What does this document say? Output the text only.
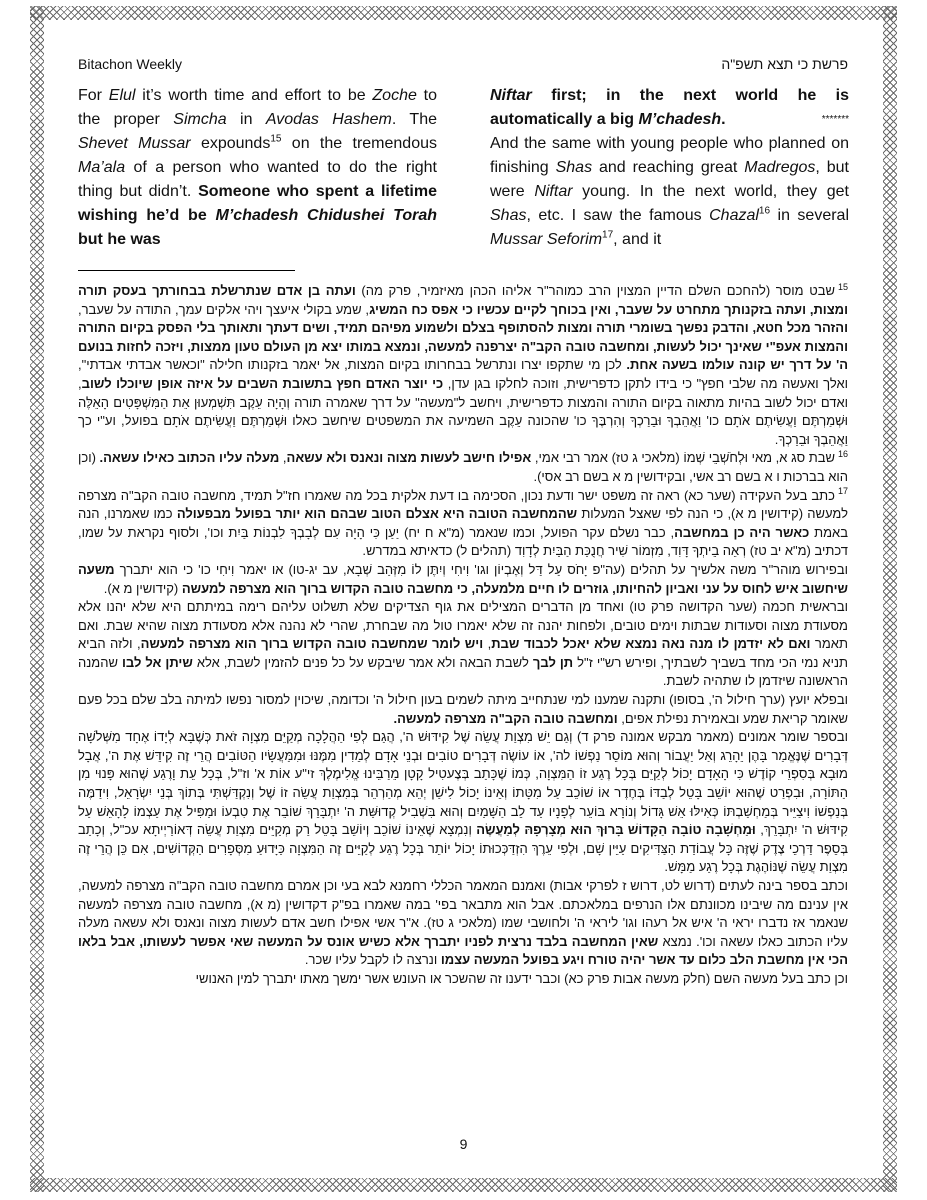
Bitachon Weekly	פרשת כי תצא תשפ"ה
For Elul it’s worth time and effort to be Zoche to the proper Simcha in Avodas Hashem. The Shevet Mussar expounds$^{15}$ on the tremendous Ma’ala of a person who wanted to do the right thing but didn’t. Someone who spent a lifetime wishing he’d be M’chadesh Chidushei Torah but he was
Niftar first; in the next world he is automatically a big M’chadesh.	*******
And the same with young people who planned on finishing Shas and reaching great Madregos, but were Niftar young. In the next world, they get Shas, etc. I saw the famous Chazal$^{16}$ in several Mussar Seforim$^{17}$, and it

$^{15}$שבט מוסר (להחכם השלם הדיין המצוין הרב כמוהר"ר אליהו הכהן מאיזמיר, פרק מה) ועתה בן אדם שנתרשלת בבחורתך בעסק תורה ומצות, ועתה בזקנותך מתחרט על שעבר, ואין בכוחך לקיים עכשיו כי אפס כח המשיג, שמע בקולי איעצך ויהי אלקים עמך, התודה על שעבר, והזהר מכל חטא, והדבק נפשך בשומרי תורה ומצות להסתופף בצלם ולשמוע מפיהם תמיד, ושים דעתך ותאותך בלי הפסק בקיום התורה והמצות אעפ"י שאינך יכול לעשות, ומחשבה טובה הקב"ה יצרפנה למעשה, ונמצא במותו יצא מן העולם טעון ממצות, ויזכה לחזות בנועם ה' על דרך יש קונה עולמו בשעה אחת. לכן מי שתקפו יצרו ונתרשל בבחרותו בקיום המצות, אל יאמר בזקנותו חלילה "וכאשר אבדתי אבדתי", ואלך ואעשה מה שלבי חפץ" כי בידו לתקן כדפרישית, וזוכה לחלקו בגן עדן, כי יוצר האדם חפץ בתשובת השבים על איזה אופן שיוכלו לשוב, ואדם יכול לשוב בהיות מתאוה בקיום התורה והמצות כדפרישית, ויחשב ל"מעשה" על דרך שאמרה תורה וְהָיָה עֵקֶב תִּשְׁמְעוּן אֵת הַמִּשְׁפָּטִים הָאֵלֶּה וּשְׁמַרְתֶּם וַעֲשִׂיתֶם אֹתָם כו' וַאֲהֵבְךָ וּבֵרַכְךָ וְהִרְבֶּךָ כו' שהכונה עֵקֶב השמיעה את המשפטים שיחשב כאלו וּשְׁמַרְתֶּם וַעֲשִׂיתֶם אֹתָם בפועל, וע"י כך וַאֲהֵבְךָ וּבֵרַכְךָ.

$^{16}$שבת סג א, מאי וּלְחֹשְׁבֵי שְׁמוֹ (מלאכי ג טז) אמר רבי אמי, אפילו חישב לעשות מצוה ונאנס ולא עשאה, מעלה עליו הכתוב כאילו עשאה. (וכן הוא בברכות ו א בשם רב אשי, ובקידושין מ א בשם רב אסי).

$^{17}$כתב בעל העקידה (שער כא) ראה זה משפט ישר ודעת נכון, הסכימה בו דעת אלקית בכל מה שאמרו חז"ל תמיד, מחשבה טובה הקב"ה מצרפה למעשה (קידושין מ א), כי הנה לפי שאצל המעלות שהמחשבה הטובה היא אצלם הטוב שבהם הוא יותר בפועל מבפעולה כמו שאמרנו, הנה באמת כאשר היה כן במחשבה, כבר נשלם עקר הפועל, וכמו שנאמר (מ"א ח יח) יַעַן כִּי הָיָה עִם לְבָבְךָ לִבְנוֹת בַּיִת וכו', ולסוף נקראת על שמו, דכתיב (מ"א יב טז) רְאֵה בֵיתְךָ דָּוִד, מִזְמוֹר שִׁיר חֲנֻכַּת הַבַּיִת לְדָוִד (תהלים ל) כדאיתא במדרש.

ובפירוש מוהר"ר משה אלשיך על תהלים (עה"פ יָחֹס עַל דַּל וְאֶבְיוֹן וגו' וִיחִי וְיִתֶּן לוֹ מִזְּהַב שְׁבָא, עב יג-טו) או יאמר וִיחִי כו' כי הוא יתברך משעה שיחשוב איש לחוס על עני ואביון להחיותו, גוזרים לו חיים מלמעלה, כי מחשבה טובה הקדוש ברוך הוא מצרפה למעשה (קידושין מ א).

ובראשית חכמה (שער הקדושה פרק טו) ואחד מן הדברים המצילים את גוף הצדיקים שלא תשלוט עליהם רימה במיתתם היא שלא יהנו אלא מסעודת מצוה וסעודות שבתות וימים טובים, ולפחות יהנה זה שלא יאמרו טול מה שבחרת, שהרי לא נהנה אלא מסעודת מצוה שהיא שבת. ואם תאמר ואם לא יזדמן לו מנה נאה נמצא שלא יאכל לכבוד שבת, ויש לומר שמחשבה טובה הקדוש ברוך הוא מצרפה למעשה, ולזה הביא תניא נמי הכי מחד בשביך לשבתיך, ופירש רש"י ז"ל תן לבך לשבת הבאה ולא אמר שיבקש על כל פנים להזמין לשבת, אלא שיתן אל לבו שהמנה הראשונה שיזדמן לו שתהיה לשבת.

ובפלא יועץ (ערך חילול ה', בסופו) ותקנה שמענו למי שנתחייב מיתה לשמים בעון חילול ה' וכדומה, שיכוין למסור נפשו למיתה בלב שלם בכל פעם שאומר קריאת שמע ובאמירת נפילת אפים, ומחשבה טובה הקב"ה מצרפה למעשה.

ובספר שומר אמונים (מאמר מבקש אמונה פרק ד) וְגַם יֵשׁ מִצְוַת עֲשֵׂה שֶׁל קִידּוּשׁ ה', הֲגַם לְפִי הַהֲלָכָה מְקַיֵּם מִצְוָה זֹאת כְּשֶׁבָּא לְיָדוֹ אֶחָד מִשְּׁלֹשָׁה דְּבָרִים שֶׁנֶּאֱמַר בָּהֶן יֵהָרֵג וְאַל יַעֲבוֹר וְהוּא מוֹסֵר נַפְשׁוֹ לה', אוֹ עוֹשֶׂה דְּבָרִים טוֹבִים וּבְנֵי אָדָם לְמֵדִין מִמֶּנּוּ וּמִמַּעֲשָׂיו הַטּוֹבִים הֲרֵי זֶה קִידֵּשׁ אֶת ה', אֲבָל מוּבָא בְּסִפְרֵי קוֹדֶשׁ כִּי הָאָדָם יָכוֹל לְקַיֵּם בְּכָל רֶגַע זוֹ הַמִּצְוָה, כְּמוֹ שֶׁכָּתַב בְּצֶעטִיל קָטָן מֵרַבֵּינוּ אֱלִימֶלֶךְ זי"ע אוֹת א' וז"ל, בְּכָל עֵת וָרֶגַע שֶׁהוּא פָּנוּי מִן הַתּוֹרָה, וּבִפְרַט שֶׁהוּא יוֹשֵׁב בָּטֵל לְבַדּוֹ בְּחֶדֶר אוֹ שׁוֹכֵב עַל מִטָּתוֹ וְאֵינוֹ יָכוֹל לִישַׁן יְהֵא מְהַרְהֵר בְּמִצְוַת עֲשֵׂה זוֹ שֶׁל וְנִקְדַּשְׁתִּי בְּתוֹךְ בְּנֵי יִשְׂרָאֵל, וִידַמֶּה בְּנַפְשׁוֹ וִיצַיֵּיר בְּמַחְשַׁבְתּוֹ כְּאִילּוּ אֵשׁ גָּדוֹל וְנוֹרָא בּוֹעֵר לְפָנָיו עַד לֵב הַשָּׁמַיִם וְהוּא בִּשְׁבִיל קְדוּשַּׁת ה' יִתְבָּרֵךְ שׁוֹבֵר אֶת טִבְעוֹ וּמַפִּיל אֶת עַצְמוֹ לָהָאֵשׁ עַל קִידּוּשׁ ה' יִתְבָּרֵךְ, וּמַחְשָׁבָה טוֹבָה הַקָּדוֹשׁ בָּרוּךְ הוּא מְצָרְפָהּ לְמַעֲשֶׂה וְנִמְצָא שֶׁאֵינוֹ שׁוֹכֵב וְיוֹשֵׁב בָּטֵל רַק מְקַיֵּים מִצְוַת עֲשֵׂה דְּאוֹרַיְיתָא עכ"ל, וְכָתַב בְּסֵפֶר דַּרְכֵי צֶדֶק שֶׁזֶּה כָּל עֲבוֹדַת הַצַּדִּיקִים עַיֵּין שָׁם, וּלְפִי עֵרֶךְ הִזְדַּכְּכוּתוֹ יָכוֹל יוֹתֵר בְּכָל רֶגַע לְקַיֵּים זֶה הַמִּצְוָה כַּיָּדוּעַ מִסְּפָרִים הַקְּדוֹשִׁים, אִם כֵּן הֲרֵי זֶה מִצְוַת עֲשֵׂה שֶׁנּוֹהֶגֶת בְּכָל רֶגַע מַמָּשׁ.

וכתב בספר בינה לעתים (דרוש לט, דרוש ז לפרקי אבות) ואמנם המאמר הכללי רחמנא לבא בעי וכן אמרם מחשבה טובה הקב"ה מצרפה למעשה, אין ענינם מה שיבינו מכוונתם אלו הנרפים במלאכתם. אבל הוא מתבאר בפי' במה שאמרו בפ"ק דקדושין (מ א), מחשבה טובה מצרפה למעשה שנאמר אז נדברו יראי ה' איש אל רעהו וגו' ליראי ה' ולחושבי שמו (מלאכי ג טז). א"ר אשי אפילו חשב אדם לעשות מצוה ונאנס ולא עשאה מעלה עליו הכתוב כאלו עשאה וכו'. נמצא שאין המחשבה בלבד נרצית לפניו יתברך אלא כשיש אונס על המעשה שאי אפשר לעשותו, אבל בלאו הכי אין מחשבת הלב כלום עד אשר יהיה טורח ויגע בפועל המעשה עצמו ונרצה לו לקבל עליו שכר.

וכן כתב בעל מעשה השם (חלק מעשה אבות פרק כא) וכבר ידענו זה שהשכר או העונש אשר ימשך מאתו יתברך למין האנושי

9
